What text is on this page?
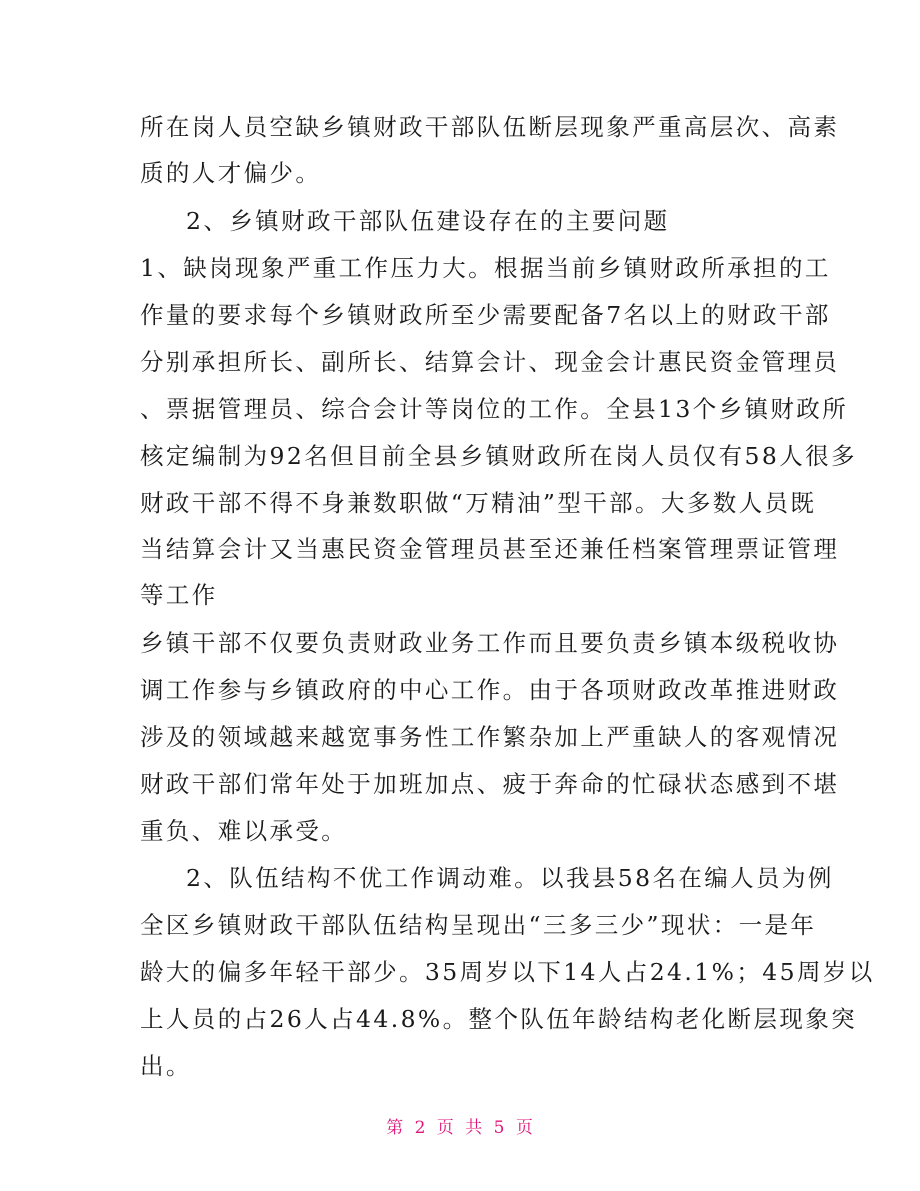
所在岗人员空缺乡镇财政干部队伍断层现象严重高层次、高素
质的人才偏少。
2、乡镇财政干部队伍建设存在的主要问题
1、缺岗现象严重工作压力大。根据当前乡镇财政所承担的工
作量的要求每个乡镇财政所至少需要配备7名以上的财政干部
分别承担所长、副所长、结算会计、现金会计惠民资金管理员
、票据管理员、综合会计等岗位的工作。全县13个乡镇财政所
核定编制为92名但目前全县乡镇财政所在岗人员仅有58人很多
财政干部不得不身兼数职做“万精油”型干部。大多数人员既
当结算会计又当惠民资金管理员甚至还兼任档案管理票证管理
等工作
乡镇干部不仅要负责财政业务工作而且要负责乡镇本级税收协
调工作参与乡镇政府的中心工作。由于各项财政改革推进财政
涉及的领域越来越宽事务性工作繁杂加上严重缺人的客观情况
财政干部们常年处于加班加点、疲于奔命的忙碌状态感到不堪
重负、难以承受。
2、队伍结构不优工作调动难。以我县58名在编人员为例
全区乡镇财政干部队伍结构呈现出“三多三少”现状：一是年
龄大的偏多年轻干部少。35周岁以下14人占24.1%；45周岁以
上人员的占26人占44.8%。整个队伍年龄结构老化断层现象突
出。
第 2 页 共 5 页
